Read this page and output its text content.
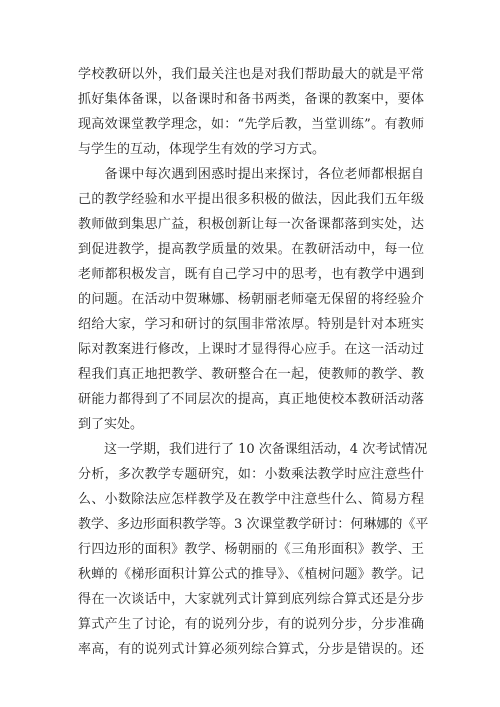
学校教研以外，我们最关注也是对我们帮助最大的就是平常
抓好集体备课，以备课时和备书两类，备课的教案中，要体
现高效课堂教学理念，如：“先学后教，当堂训练”。有教师
与学生的互动，体现学生有效的学习方式。
　　备课中每次遇到困惑时提出来探讨，各位老师都根据自
己的教学经验和水平提出很多积极的做法，因此我们五年级
教师做到集思广益，积极创新让每一次备课都落到实处，达
到促进教学，提高教学质量的效果。在教研活动中，每一位
老师都积极发言，既有自己学习中的思考，也有教学中遇到
的问题。在活动中贺琳娜、杨朝丽老师毫无保留的将经验介
绍给大家，学习和研讨的氛围非常浓厚。特别是针对本班实
际对教案进行修改，上课时才显得得心应手。在这一活动过
程我们真正地把教学、教研整合在一起，使教师的教学、教
研能力都得到了不同层次的提高，真正地使校本教研活动落
到了实处。
　　这一学期，我们进行了 10 次备课组活动，4 次考试情况
分析，多次教学专题研究，如：小数乘法教学时应注意些什
么、小数除法应怎样教学及在教学中注意些什么、简易方程
教学、多边形面积教学等。3 次课堂教学研讨：何琳娜的《平
行四边形的面积》教学、杨朝丽的《三角形面积》教学、王
秋蝉的《梯形面积计算公式的推导》、《植树问题》教学。记
得在一次谈话中，大家就列式计算到底列综合算式还是分步
算式产生了讨论，有的说列分步，有的说列分步，分步准确
率高，有的说列式计算必须列综合算式，分步是错误的。还
